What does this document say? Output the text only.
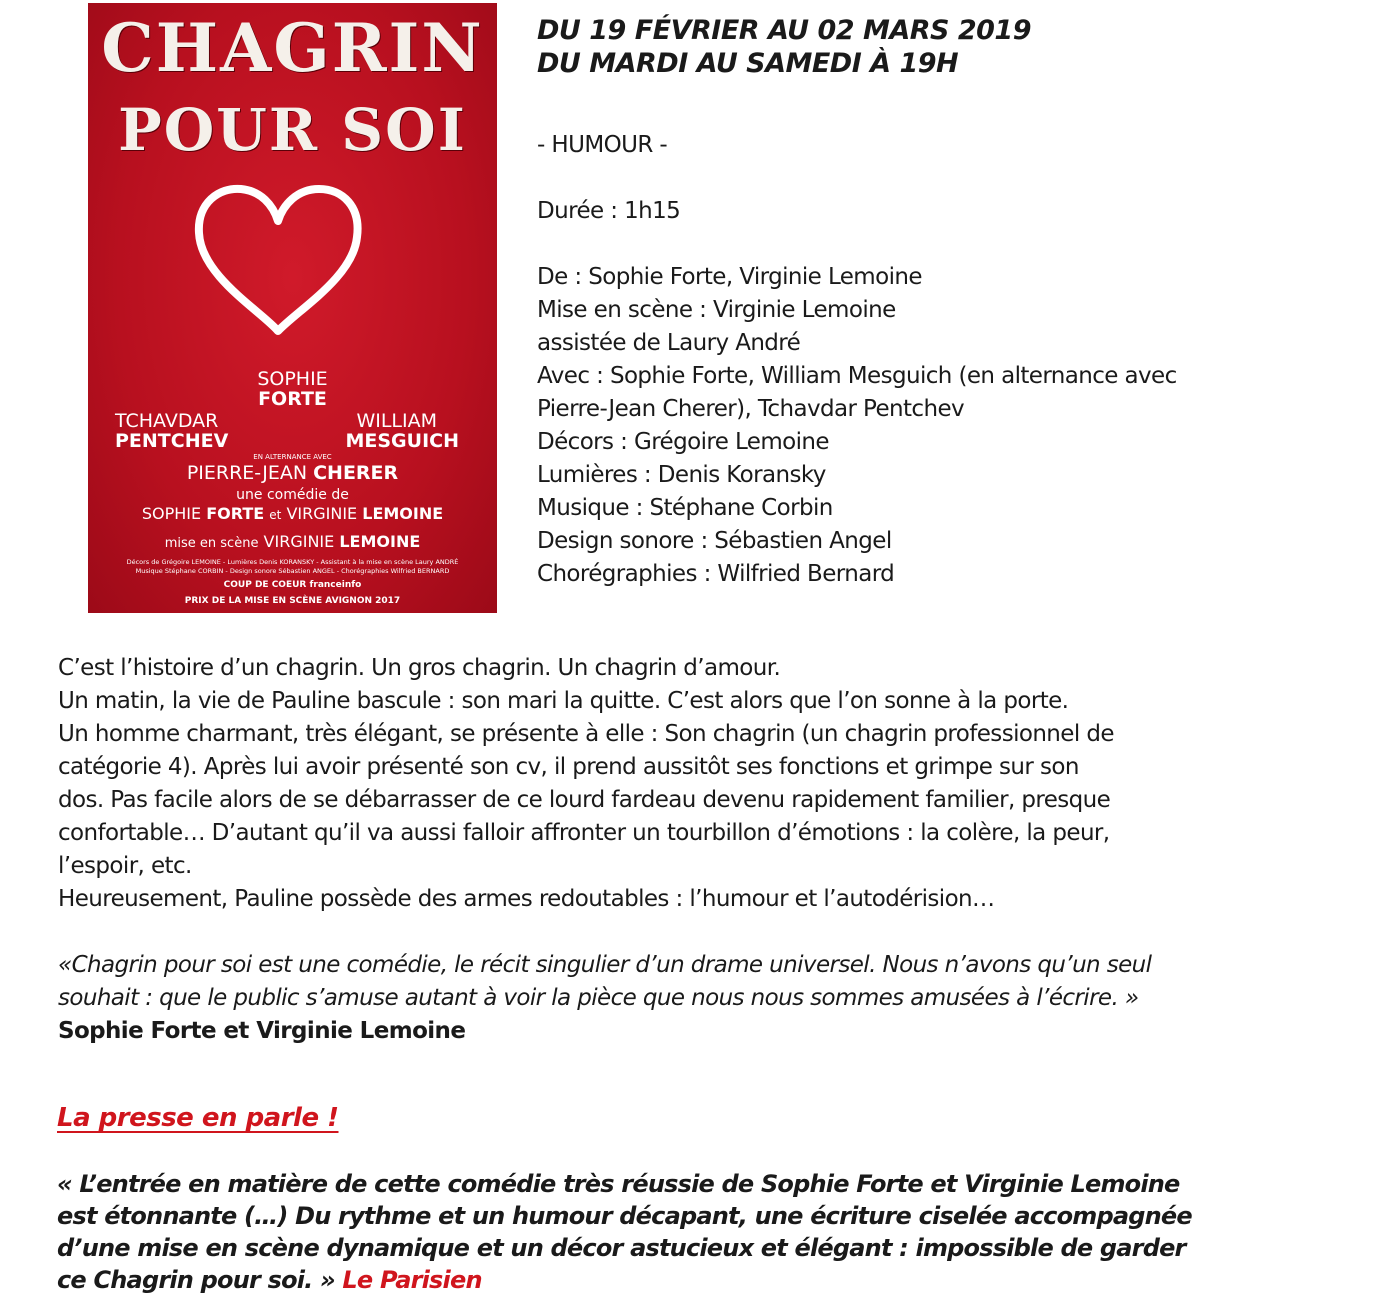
CHAGRIN
POUR SOI
SOPHIE
FORTE
TCHAVDAR
PENTCHEV
WILLIAM
MESGUICH
EN ALTERNANCE AVEC
PIERRE-JEAN CHERER
une comédie de
SOPHIE FORTE et VIRGINIE LEMOINE
mise en scène VIRGINIE LEMOINE
Décors de Grégoire LEMOINE - Lumières Denis KORANSKY - Assistant à la mise en scène Laury ANDRÉ
Musique Stéphane CORBIN - Design sonore Sébastien ANGEL - Chorégraphies Wilfried BERNARD
COUP DE COEUR franceinfo
PRIX DE LA MISE EN SCÈNE AVIGNON 2017
DU 19 FÉVRIER AU 02 MARS 2019
DU MARDI AU SAMEDI À 19H
- HUMOUR -
Durée : 1h15
De : Sophie Forte, Virginie Lemoine
Mise en scène : Virginie Lemoine
assistée de Laury André
Avec : Sophie Forte, William Mesguich (en alternance avec
Pierre-Jean Cherer), Tchavdar Pentchev
Décors : Grégoire Lemoine
Lumières : Denis Koransky
Musique : Stéphane Corbin
Design sonore : Sébastien Angel
Chorégraphies : Wilfried Bernard
C’est l’histoire d’un chagrin. Un gros chagrin. Un chagrin d’amour.
Un matin, la vie de Pauline bascule : son mari la quitte. C’est alors que l’on sonne à la porte.
Un homme charmant, très élégant, se présente à elle : Son chagrin (un chagrin professionnel de
catégorie 4). Après lui avoir présenté son cv, il prend aussitôt ses fonctions et grimpe sur son
dos. Pas facile alors de se débarrasser de ce lourd fardeau devenu rapidement familier, presque
confortable… D’autant qu’il va aussi falloir affronter un tourbillon d’émotions : la colère, la peur,
l’espoir, etc.
Heureusement, Pauline possède des armes redoutables : l’humour et l’autodérision…
«Chagrin pour soi est une comédie, le récit singulier d’un drame universel. Nous n’avons qu’un seul
souhait : que le public s’amuse autant à voir la pièce que nous nous sommes amusées à l’écrire. »
Sophie Forte et Virginie Lemoine
La presse en parle !
« L’entrée en matière de cette comédie très réussie de Sophie Forte et Virginie Lemoine
est étonnante (…) Du rythme et un humour décapant, une écriture ciselée accompagnée
d’une mise en scène dynamique et un décor astucieux et élégant : impossible de garder
ce Chagrin pour soi. » Le Parisien
